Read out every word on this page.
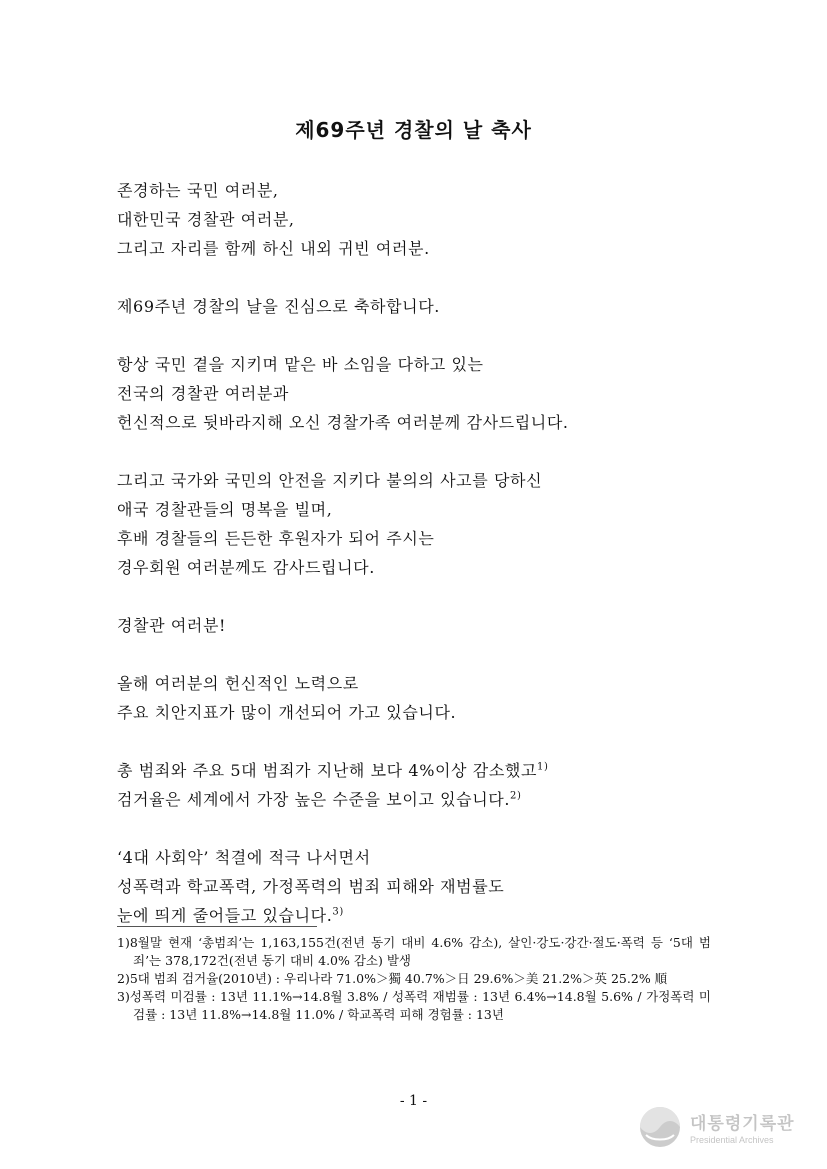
제69주년 경찰의 날 축사
존경하는 국민 여러분,
대한민국 경찰관 여러분,
그리고 자리를 함께 하신 내외 귀빈 여러분.
제69주년 경찰의 날을 진심으로 축하합니다.
항상 국민 곁을 지키며 맡은 바 소임을 다하고 있는
전국의 경찰관 여러분과
헌신적으로 뒷바라지해 오신 경찰가족 여러분께 감사드립니다.
그리고 국가와 국민의 안전을 지키다 불의의 사고를 당하신
애국 경찰관들의 명복을 빌며,
후배 경찰들의 든든한 후원자가 되어 주시는
경우회원 여러분께도 감사드립니다.
경찰관 여러분!
올해 여러분의 헌신적인 노력으로
주요 치안지표가 많이 개선되어 가고 있습니다.
총 범죄와 주요 5대 범죄가 지난해 보다 4%이상 감소했고$^{1)}$
검거율은 세계에서 가장 높은 수준을 보이고 있습니다.$^{2)}$
‘4대 사회악’ 척결에 적극 나서면서
성폭력과 학교폭력, 가정폭력의 범죄 피해와 재범률도
눈에 띄게 줄어들고 있습니다.$^{3)}$
1)8월말 현재 ‘총범죄’는 1,163,155건(전년 동기 대비 4.6% 감소), 살인·강도·강간·절도·폭력 등 ‘5대 범죄’는 378,172건(전년 동기 대비 4.0% 감소) 발생
2)5대 범죄 검거율(2010년) : 우리나라 71.0%＞獨 40.7%＞日 29.6%＞美 21.2%＞英 25.2% 順
3)성폭력 미검률 : 13년 11.1%→14.8월 3.8% / 성폭력 재범률 : 13년 6.4%→14.8월 5.6% / 가정폭력 미검률 : 13년 11.8%→14.8월 11.0% / 학교폭력 피해 경험률 : 13년
- 1 -
대통령기록관
Presidential Archives
